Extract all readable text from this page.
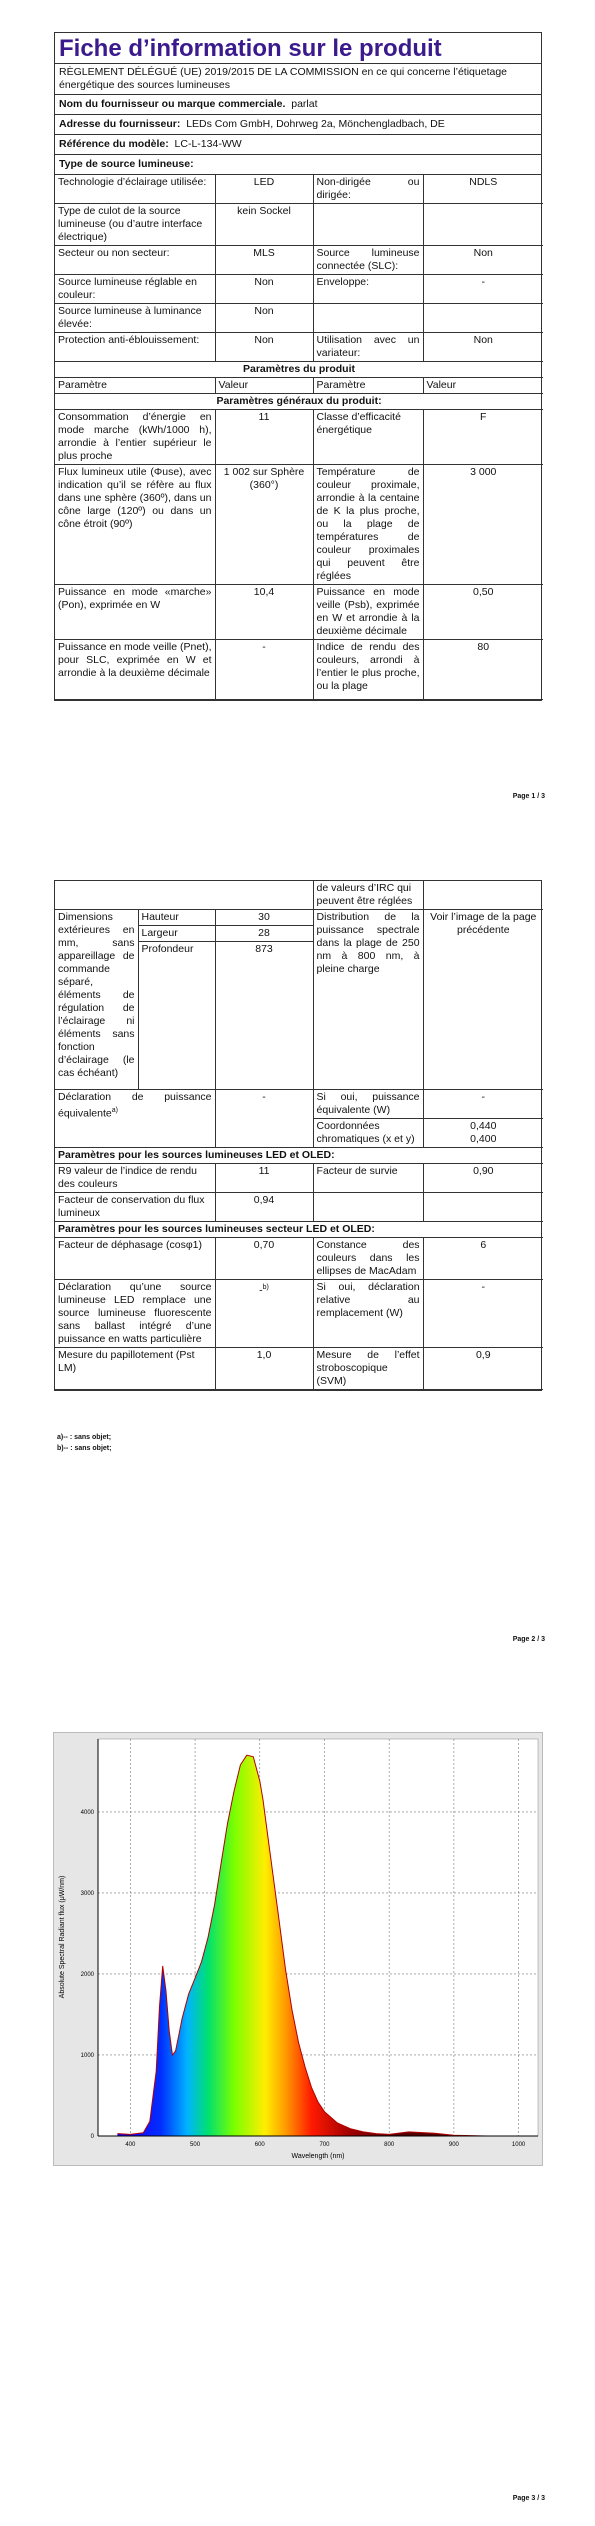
Fiche d’information sur le produit
RÈGLEMENT DÉLÉGUÉ (UE) 2019/2015 DE LA COMMISSION en ce qui concerne l’étiquetage énergétique des sources lumineuses
Nom du fournisseur ou marque commerciale. parlat
Adresse du fournisseur: LEDs Com GmbH, Dohrweg 2a, Mönchengladbach, DE
Référence du modèle: LC-L-134-WW
Type de source lumineuse:
Technologie d’éclairage utilisée:	LED	Non-dirigée ou dirigée:	NDLS
Type de culot de la source lumineuse (ou d’autre interface électrique)	kein Sockel		
Secteur ou non secteur:	MLS	Source lumineuse connectée (SLC):	Non
Source lumineuse réglable en couleur:	Non	Enveloppe:	-
Source lumineuse à luminance élevée:	Non		
Protection anti-éblouissement:	Non	Utilisation avec un variateur:	Non
Paramètres du produit			
Paramètre	Valeur	Paramètre	Valeur
Paramètres généraux du produit:			
Consommation d’énergie en mode marche (kWh/1000 h), arrondie à l’entier supérieur le plus proche	11	Classe d’efficacité énergétique	F
Flux lumineux utile (Φuse), avec indication qu’il se réfère au flux dans une sphère (360º), dans un cône large (120º) ou dans un cône étroit (90º)	1 002 sur Sphère (360°)	Température de couleur proximale, arrondie à la centaine de K la plus proche, ou la plage de températures de couleur proximales qui peuvent être réglées	3 000
Puissance en mode «marche» (Pon), exprimée en W	10,4	Puissance en mode veille (Psb), exprimée en W et arrondie à la deuxième décimale	0,50
Puissance en mode veille (Pnet), pour SLC, exprimée en W et arrondie à la deuxième décimale	-	Indice de rendu des couleurs, arrondi à l’entier le plus proche, ou la plage	80
Page 1 / 3
			de valeurs d’IRC qui peuvent être réglées	
Dimensions extérieures en mm, sans appareillage de commande séparé, éléments de régulation de l’éclairage ni éléments sans fonction d’éclairage (le cas échéant)	Hauteur	30	Distribution de la puissance spectrale dans la plage de 250 nm à 800 nm, à pleine charge	Voir l’image de la page précédente
	Largeur	28		
	Profondeur	873		
Déclaration de puissance équivalente$^{a)}$		-	Si oui, puissance équivalente (W)	-
			Coordonnées chromatiques (x et y)	0,440
0,400

Paramètres pour les sources lumineuses LED et OLED:				
R9 valeur de l’indice de rendu des couleurs		11	Facteur de survie	0,90
Facteur de conservation du flux lumineux		0,94		
Paramètres pour les sources lumineuses secteur LED et OLED:				
Facteur de déphasage (cosφ1)		0,70	Constance des couleurs dans les ellipses de MacAdam	6
Déclaration qu’une source lumineuse LED remplace une source lumineuse fluorescente sans ballast intégré d’une puissance en watts particulière		-$^{b)}$	Si oui, déclaration relative au remplacement (W)	-
Mesure du papillotement (Pst LM)		1,0	Mesure de l’effet stroboscopique (SVM)	0,9
a)-- : sans objet;
b)-- : sans objet;
Page 2 / 3
400	500	600	700	800	900	1000
0
1000
2000
3000
4000
Wavelength (nm)
Absolute Spectral Radiant flux (μW/nm)
Page 3 / 3
